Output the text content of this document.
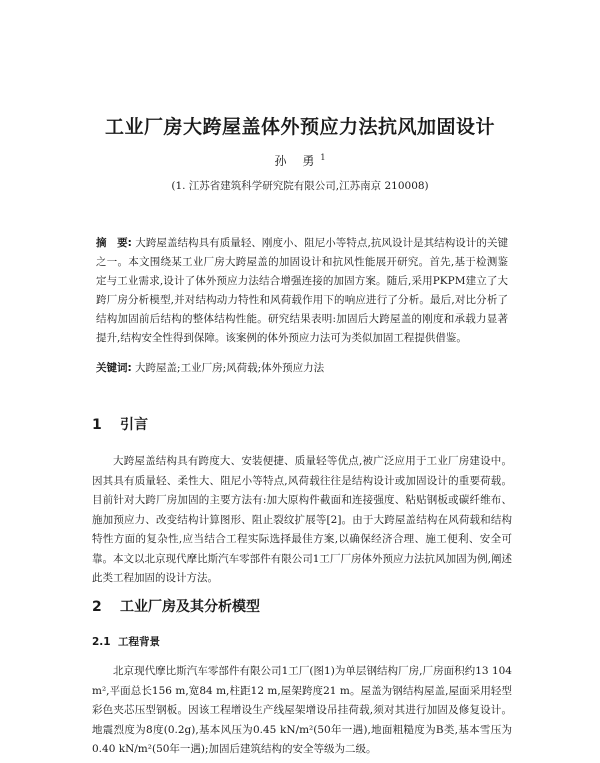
工业厂房大跨屋盖体外预应力法抗风加固设计
孙 勇$^1$
(1. 江苏省建筑科学研究院有限公司,江苏南京 210008)
摘　要: 大跨屋盖结构具有质量轻、刚度小、阻尼小等特点,抗风设计是其结构设计的关键之一。本文围绕某工业厂房大跨屋盖的加固设计和抗风性能展开研究。首先,基于检测鉴定与工业需求,设计了体外预应力法结合增强连接的加固方案。随后,采用PKPM建立了大跨厂房分析模型,并对结构动力特性和风荷载作用下的响应进行了分析。最后,对比分析了结构加固前后结构的整体结构性能。研究结果表明:加固后大跨屋盖的刚度和承载力显著提升,结构安全性得到保障。该案例的体外预应力法可为类似加固工程提供借鉴。
关键词: 大跨屋盖;工业厂房;风荷载;体外预应力法
1 引言
大跨屋盖结构具有跨度大、安装便捷、质量轻等优点,被广泛应用于工业厂房建设中。因其具有质量轻、柔性大、阻尼小等特点,风荷载往往是结构设计或加固设计的重要荷载。目前针对大跨厂房加固的主要方法有:加大原构件截面和连接强度、粘贴钢板或碳纤维布、施加预应力、改变结构计算图形、阻止裂纹扩展等[2]。由于大跨屋盖结构在风荷载和结构特性方面的复杂性,应当结合工程实际选择最佳方案,以确保经济合理、施工便利、安全可靠。本文以北京现代摩比斯汽车零部件有限公司1工厂厂房体外预应力法抗风加固为例,阐述此类工程加固的设计方法。
2 工业厂房及其分析模型
2.1 工程背景
北京现代摩比斯汽车零部件有限公司1工厂(图1)为单层钢结构厂房,厂房面积约13 104 m²,平面总长156 m,宽84 m,柱距12 m,屋架跨度21 m。屋盖为钢结构屋盖,屋面采用轻型彩色夹芯压型钢板。因该工程增设生产线屋架增设吊挂荷载,须对其进行加固及修复设计。地震烈度为8度(0.2g),基本风压为0.45 kN/m²(50年一遇),地面粗糙度为B类,基本雪压为0.40 kN/m²(50年一遇);加固后建筑结构的安全等级为二级。
